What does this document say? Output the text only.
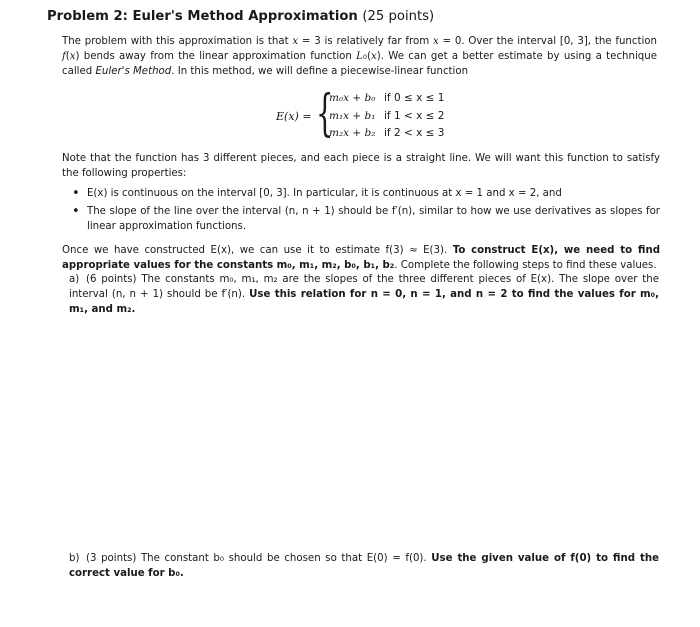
Problem 2: Euler's Method Approximation (25 points)
The problem with this approximation is that x = 3 is relatively far from x = 0. Over the interval [0, 3], the function f(x) bends away from the linear approximation function L₀(x). We can get a better estimate by using a technique called Euler's Method. In this method, we will define a piecewise-linear function
E(x) = {
m₀x + b₀ if 0 ≤ x ≤ 1
m₁x + b₁ if 1 < x ≤ 2
m₂x + b₂ if 2 < x ≤ 3
Note that the function has 3 different pieces, and each piece is a straight line. We will want this function to satisfy the following properties:
• E(x) is continuous on the interval [0, 3]. In particular, it is continuous at x = 1 and x = 2, and
• The slope of the line over the interval (n, n + 1) should be f′(n), similar to how we use derivatives as slopes for linear approximation functions.
Once we have constructed E(x), we can use it to estimate f(3) ≈ E(3). To construct E(x), we need to find appropriate values for the constants m₀, m₁, m₂, b₀, b₁, b₂. Complete the following steps to find these values.
a) (6 points) The constants m₀, m₁, m₂ are the slopes of the three different pieces of E(x). The slope over the interval (n, n + 1) should be f′(n). Use this relation for n = 0, n = 1, and n = 2 to find the values for m₀, m₁, and m₂.
b) (3 points) The constant b₀ should be chosen so that E(0) = f(0). Use the given value of f(0) to find the correct value for b₀.
